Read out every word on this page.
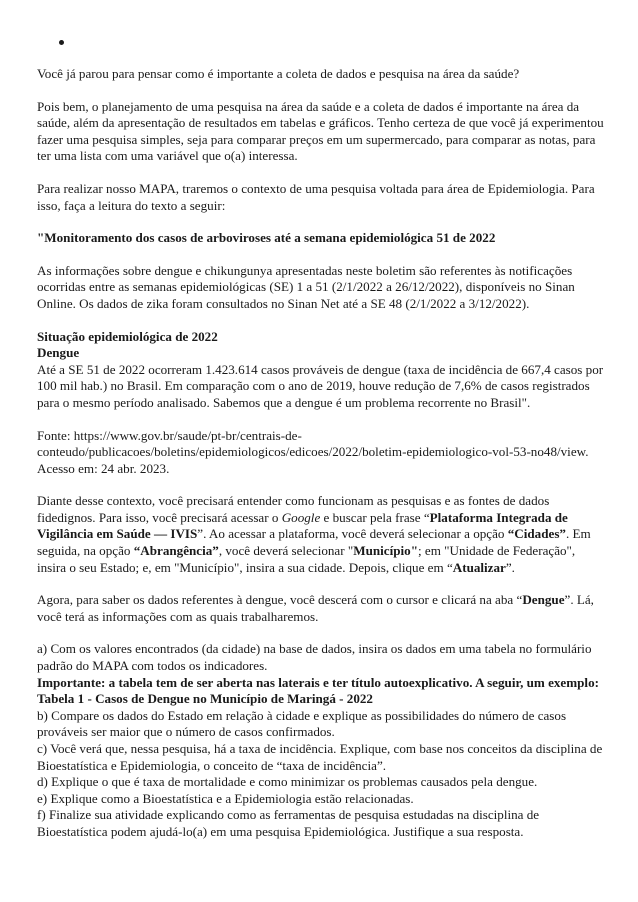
Você já parou para pensar como é importante a coleta de dados e pesquisa na área da saúde?

Pois bem, o planejamento de uma pesquisa na área da saúde e a coleta de dados é importante na área da saúde, além da apresentação de resultados em tabelas e gráficos. Tenho certeza de que você já experimentou fazer uma pesquisa simples, seja para comparar preços em um supermercado, para comparar as notas, para ter uma lista com uma variável que o(a) interessa.

Para realizar nosso MAPA, traremos o contexto de uma pesquisa voltada para área de Epidemiologia. Para isso, faça a leitura do texto a seguir:

"Monitoramento dos casos de arboviroses até a semana epidemiológica 51 de 2022

As informações sobre dengue e chikungunya apresentadas neste boletim são referentes às notificações ocorridas entre as semanas epidemiológicas (SE) 1 a 51 (2/1/2022 a 26/12/2022), disponíveis no Sinan Online. Os dados de zika foram consultados no Sinan Net até a SE 48 (2/1/2022 a 3/12/2022).

Situação epidemiológica de 2022
Dengue

Até a SE 51 de 2022 ocorreram 1.423.614 casos prováveis de dengue (taxa de incidência de 667,4 casos por 100 mil hab.) no Brasil. Em comparação com o ano de 2019, houve redução de 7,6% de casos registrados para o mesmo período analisado. Sabemos que a dengue é um problema recorrente no Brasil".

Fonte: https://www.gov.br/saude/pt-br/centrais-de-conteudo/publicacoes/boletins/epidemiologicos/edicoes/2022/boletim-epidemiologico-vol-53-no48/view. Acesso em: 24 abr. 2023.

Diante desse contexto, você precisará entender como funcionam as pesquisas e as fontes de dados fidedignos. Para isso, você precisará acessar o Google e buscar pela frase “Plataforma Integrada de Vigilância em Saúde — IVIS”. Ao acessar a plataforma, você deverá selecionar a opção “Cidades”. Em seguida, na opção “Abrangência”, você deverá selecionar "Município"; em "Unidade de Federação", insira o seu Estado; e, em "Município", insira a sua cidade. Depois, clique em “Atualizar”.

Agora, para saber os dados referentes à dengue, você descerá com o cursor e clicará na aba “Dengue”. Lá, você terá as informações com as quais trabalharemos.

a) Com os valores encontrados (da cidade) na base de dados, insira os dados em uma tabela no formulário padrão do MAPA com todos os indicadores.
Importante: a tabela tem de ser aberta nas laterais e ter título autoexplicativo. A seguir, um exemplo: Tabela 1 - Casos de Dengue no Município de Maringá - 2022
b) Compare os dados do Estado em relação à cidade e explique as possibilidades do número de casos prováveis ser maior que o número de casos confirmados.
c) Você verá que, nessa pesquisa, há a taxa de incidência. Explique, com base nos conceitos da disciplina de Bioestatística e Epidemiologia, o conceito de “taxa de incidência”.
d) Explique o que é taxa de mortalidade e como minimizar os problemas causados pela dengue.
e) Explique como a Bioestatística e a Epidemiologia estão relacionadas.
f) Finalize sua atividade explicando como as ferramentas de pesquisa estudadas na disciplina de Bioestatística podem ajudá-lo(a) em uma pesquisa Epidemiológica. Justifique a sua resposta.
